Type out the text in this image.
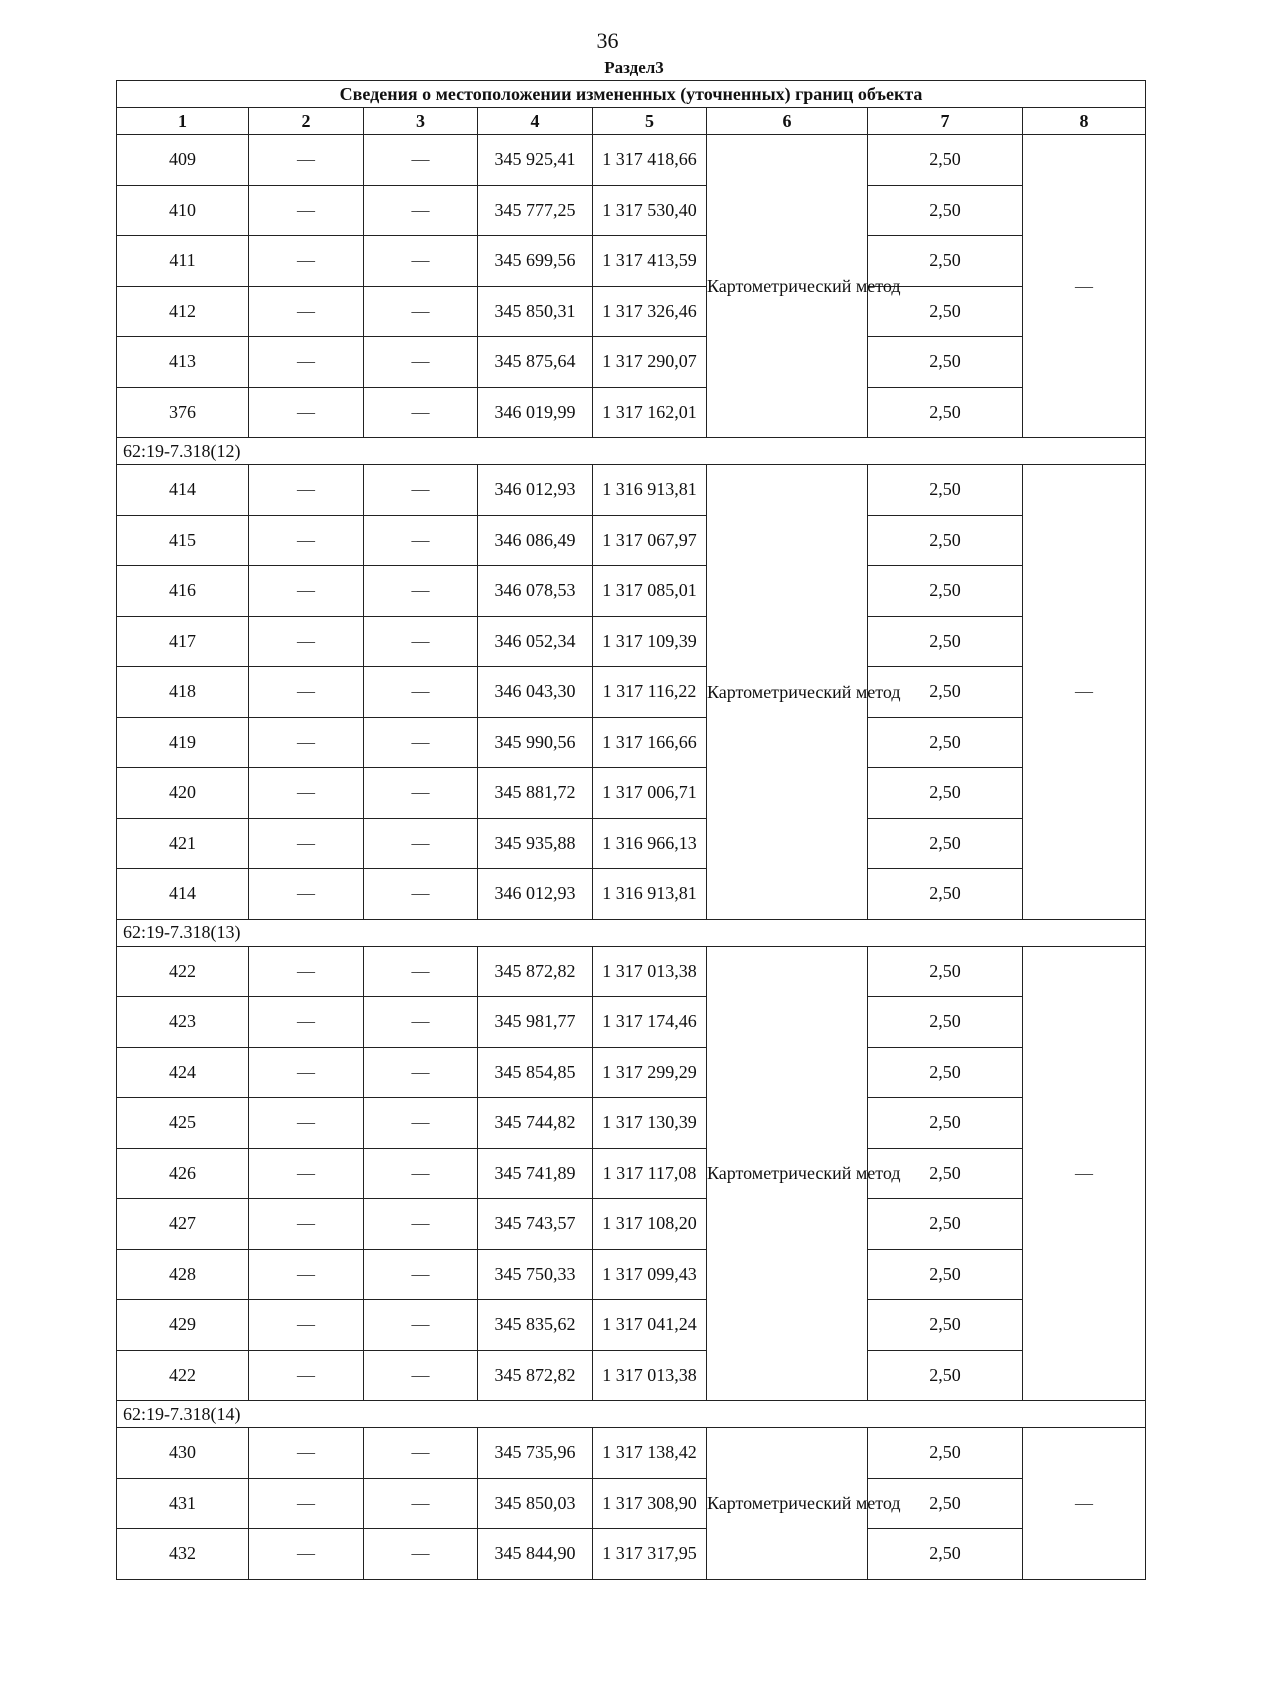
36
Раздел3
Сведения о местоположении измененных (уточненных) границ объекта							
1	2	3	4	5	6	7	8
409	—	—	345 925,41	1 317 418,66	Картометрический метод	2,50	—
410	—	—	345 777,25	1 317 530,40		2,50	
411	—	—	345 699,56	1 317 413,59		2,50	
412	—	—	345 850,31	1 317 326,46		2,50	
413	—	—	345 875,64	1 317 290,07		2,50	
376	—	—	346 019,99	1 317 162,01		2,50	
62:19-7.318(12)							
414	—	—	346 012,93	1 316 913,81	Картометрический метод	2,50	—
415	—	—	346 086,49	1 317 067,97		2,50	
416	—	—	346 078,53	1 317 085,01		2,50	
417	—	—	346 052,34	1 317 109,39		2,50	
418	—	—	346 043,30	1 317 116,22		2,50	
419	—	—	345 990,56	1 317 166,66		2,50	
420	—	—	345 881,72	1 317 006,71		2,50	
421	—	—	345 935,88	1 316 966,13		2,50	
414	—	—	346 012,93	1 316 913,81		2,50	
62:19-7.318(13)							
422	—	—	345 872,82	1 317 013,38	Картометрический метод	2,50	—
423	—	—	345 981,77	1 317 174,46		2,50	
424	—	—	345 854,85	1 317 299,29		2,50	
425	—	—	345 744,82	1 317 130,39		2,50	
426	—	—	345 741,89	1 317 117,08		2,50	
427	—	—	345 743,57	1 317 108,20		2,50	
428	—	—	345 750,33	1 317 099,43		2,50	
429	—	—	345 835,62	1 317 041,24		2,50	
422	—	—	345 872,82	1 317 013,38		2,50	
62:19-7.318(14)							
430	—	—	345 735,96	1 317 138,42	Картометрический метод	2,50	—
431	—	—	345 850,03	1 317 308,90		2,50	
432	—	—	345 844,90	1 317 317,95		2,50	
